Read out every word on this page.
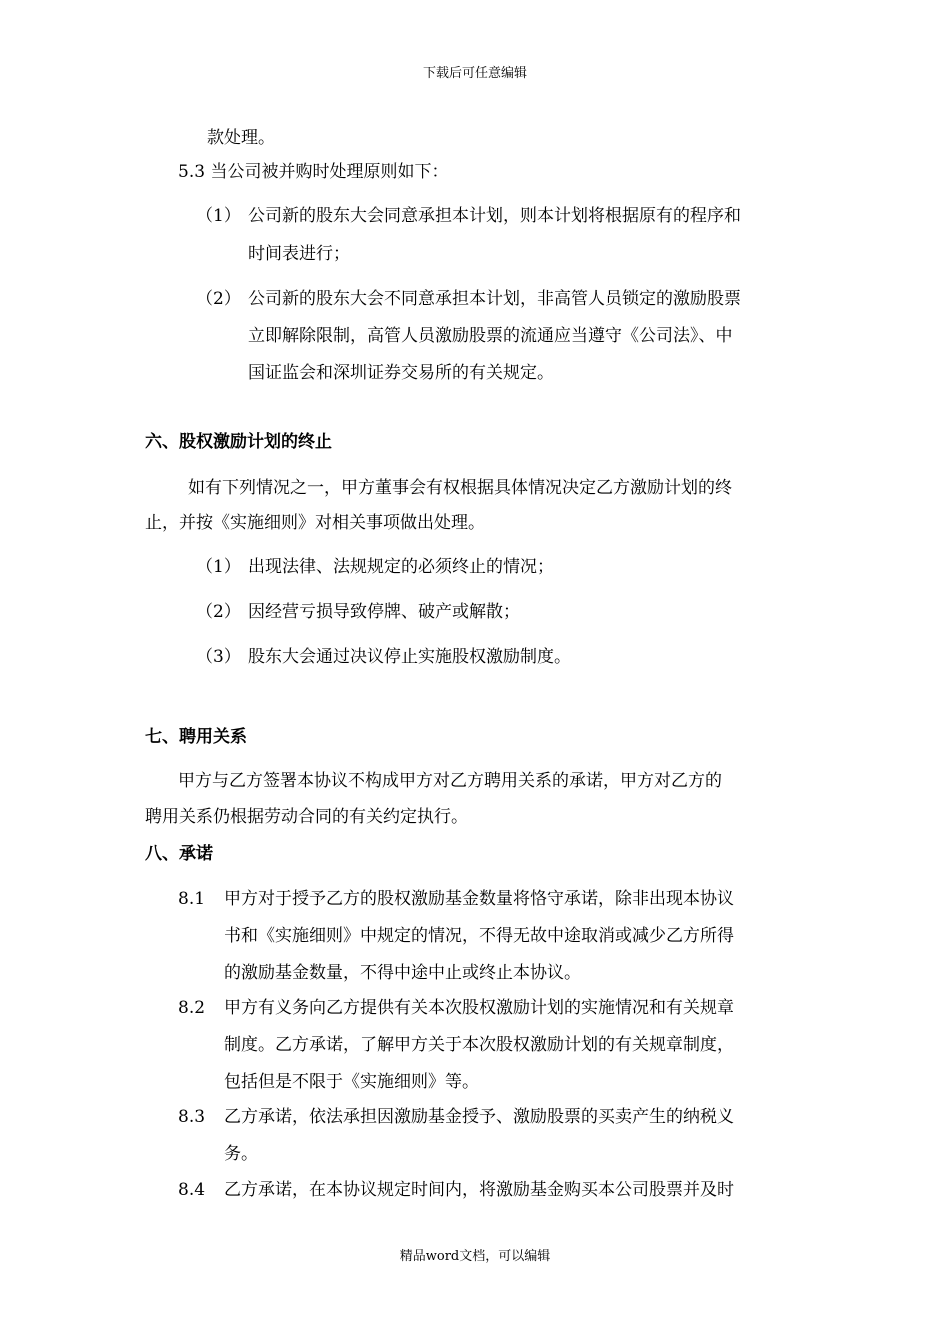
下载后可任意编辑
款处理。
5.3 当公司被并购时处理原则如下：
（1） 公司新的股东大会同意承担本计划，则本计划将根据原有的程序和
时间表进行；
（2） 公司新的股东大会不同意承担本计划，非高管人员锁定的激励股票
立即解除限制，高管人员激励股票的流通应当遵守《公司法》、中
国证监会和深圳证券交易所的有关规定。
六、股权激励计划的终止
如有下列情况之一，甲方董事会有权根据具体情况决定乙方激励计划的终
止，并按《实施细则》对相关事项做出处理。
（1） 出现法律、法规规定的必须终止的情况；
（2） 因经营亏损导致停牌、破产或解散；
（3） 股东大会通过决议停止实施股权激励制度。
七、聘用关系
甲方与乙方签署本协议不构成甲方对乙方聘用关系的承诺，甲方对乙方的
聘用关系仍根据劳动合同的有关约定执行。
八、承诺
8.1 甲方对于授予乙方的股权激励基金数量将恪守承诺，除非出现本协议
书和《实施细则》中规定的情况，不得无故中途取消或减少乙方所得
的激励基金数量，不得中途中止或终止本协议。
8.2 甲方有义务向乙方提供有关本次股权激励计划的实施情况和有关规章
制度。乙方承诺，了解甲方关于本次股权激励计划的有关规章制度，
包括但是不限于《实施细则》等。
8.3 乙方承诺，依法承担因激励基金授予、激励股票的买卖产生的纳税义
务。
8.4 乙方承诺，在本协议规定时间内，将激励基金购买本公司股票并及时
精品word文档，可以编辑
